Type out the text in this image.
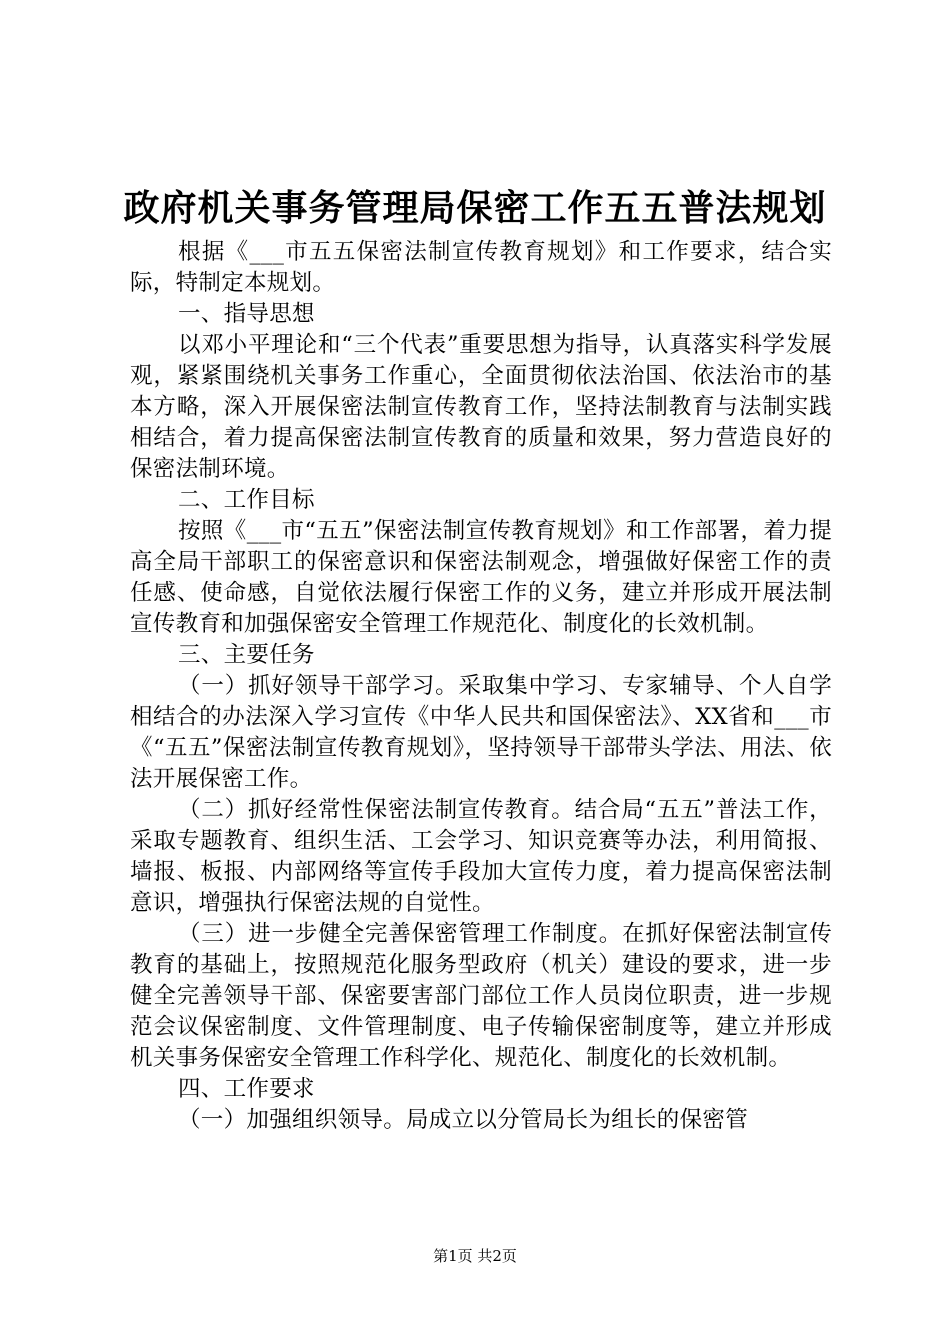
政府机关事务管理局保密工作五五普法规划

根据《___市五五保密法制宣传教育规划》和工作要求，结合实际，特制定本规划。

一、指导思想

以邓小平理论和“三个代表”重要思想为指导，认真落实科学发展观，紧紧围绕机关事务工作重心，全面贯彻依法治国、依法治市的基本方略，深入开展保密法制宣传教育工作，坚持法制教育与法制实践相结合，着力提高保密法制宣传教育的质量和效果，努力营造良好的保密法制环境。

二、工作目标

按照《___市“五五”保密法制宣传教育规划》和工作部署，着力提高全局干部职工的保密意识和保密法制观念，增强做好保密工作的责任感、使命感，自觉依法履行保密工作的义务，建立并形成开展法制宣传教育和加强保密安全管理工作规范化、制度化的长效机制。

三、主要任务

（一）抓好领导干部学习。采取集中学习、专家辅导、个人自学相结合的办法深入学习宣传《中华人民共和国保密法》、XX省和___市《“五五”保密法制宣传教育规划》，坚持领导干部带头学法、用法、依法开展保密工作。

（二）抓好经常性保密法制宣传教育。结合局“五五”普法工作，采取专题教育、组织生活、工会学习、知识竞赛等办法，利用简报、墙报、板报、内部网络等宣传手段加大宣传力度，着力提高保密法制意识，增强执行保密法规的自觉性。

（三）进一步健全完善保密管理工作制度。在抓好保密法制宣传教育的基础上，按照规范化服务型政府（机关）建设的要求，进一步健全完善领导干部、保密要害部门部位工作人员岗位职责，进一步规范会议保密制度、文件管理制度、电子传输保密制度等，建立并形成机关事务保密安全管理工作科学化、规范化、制度化的长效机制。

四、工作要求

（一）加强组织领导。局成立以分管局长为组长的保密管

第1页 共2页
